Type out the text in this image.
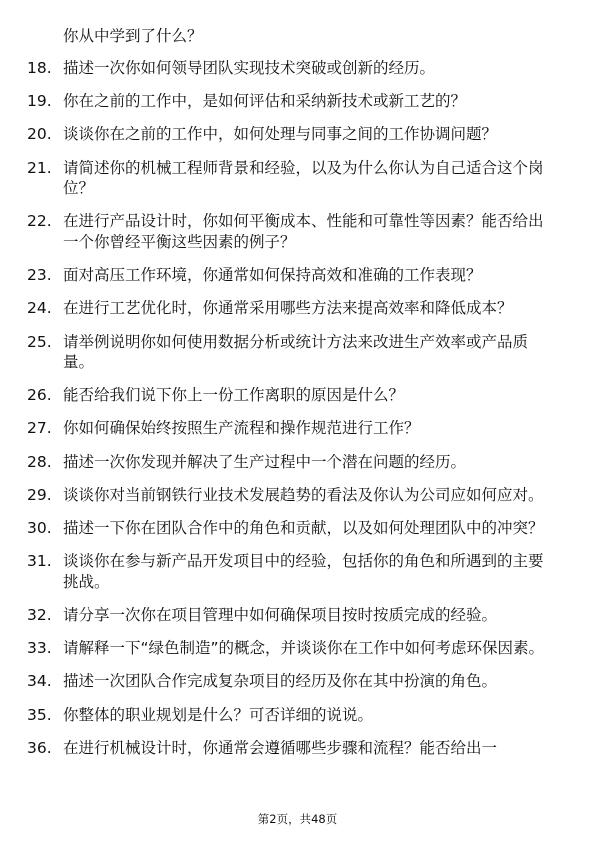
你从中学到了什么？
18. 描述一次你如何领导团队实现技术突破或创新的经历。
19. 你在之前的工作中，是如何评估和采纳新技术或新工艺的？
20. 谈谈你在之前的工作中，如何处理与同事之间的工作协调问题？
21. 请简述你的机械工程师背景和经验，以及为什么你认为自己适合这个岗位？
22. 在进行产品设计时，你如何平衡成本、性能和可靠性等因素？能否给出一个你曾经平衡这些因素的例子？
23. 面对高压工作环境，你通常如何保持高效和准确的工作表现？
24. 在进行工艺优化时，你通常采用哪些方法来提高效率和降低成本？
25. 请举例说明你如何使用数据分析或统计方法来改进生产效率或产品质量。
26. 能否给我们说下你上一份工作离职的原因是什么？
27. 你如何确保始终按照生产流程和操作规范进行工作？
28. 描述一次你发现并解决了生产过程中一个潜在问题的经历。
29. 谈谈你对当前钢铁行业技术发展趋势的看法及你认为公司应如何应对。
30. 描述一下你在团队合作中的角色和贡献，以及如何处理团队中的冲突？
31. 谈谈你在参与新产品开发项目中的经验，包括你的角色和所遇到的主要挑战。
32. 请分享一次你在项目管理中如何确保项目按时按质完成的经验。
33. 请解释一下“绿色制造”的概念，并谈谈你在工作中如何考虑环保因素。
34. 描述一次团队合作完成复杂项目的经历及你在其中扮演的角色。
35. 你整体的职业规划是什么？可否详细的说说。
36. 在进行机械设计时，你通常会遵循哪些步骤和流程？能否给出一
第2页，共48页
